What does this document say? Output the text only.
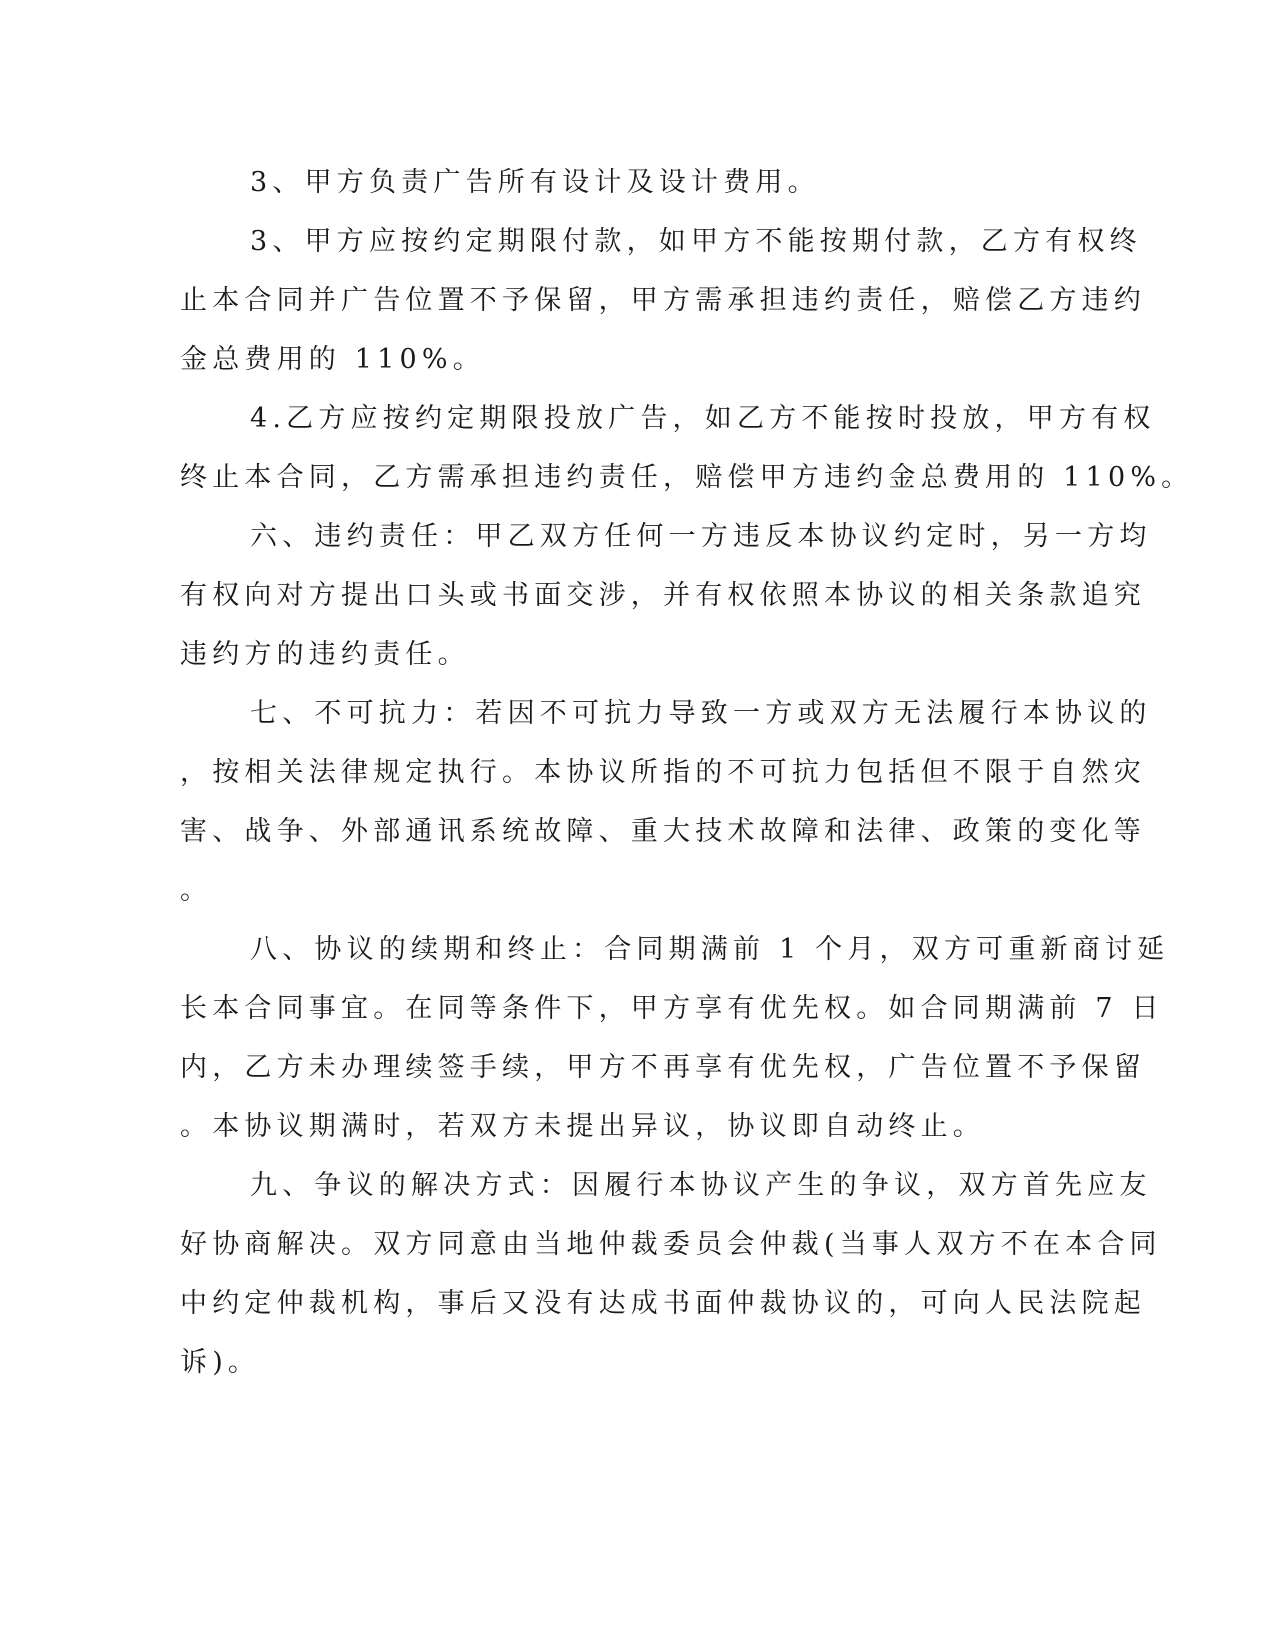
3、甲方负责广告所有设计及设计费用。
3、甲方应按约定期限付款，如甲方不能按期付款，乙方有权终
止本合同并广告位置不予保留，甲方需承担违约责任，赔偿乙方违约
金总费用的 110%。
4.乙方应按约定期限投放广告，如乙方不能按时投放，甲方有权
终止本合同，乙方需承担违约责任，赔偿甲方违约金总费用的 110%。
六、违约责任：甲乙双方任何一方违反本协议约定时，另一方均
有权向对方提出口头或书面交涉，并有权依照本协议的相关条款追究
违约方的违约责任。
七、不可抗力：若因不可抗力导致一方或双方无法履行本协议的
，按相关法律规定执行。本协议所指的不可抗力包括但不限于自然灾
害、战争、外部通讯系统故障、重大技术故障和法律、政策的变化等
。
八、协议的续期和终止：合同期满前 1 个月，双方可重新商讨延
长本合同事宜。在同等条件下，甲方享有优先权。如合同期满前 7 日
内，乙方未办理续签手续，甲方不再享有优先权，广告位置不予保留
。本协议期满时，若双方未提出异议，协议即自动终止。
九、争议的解决方式：因履行本协议产生的争议，双方首先应友
好协商解决。双方同意由当地仲裁委员会仲裁(当事人双方不在本合同
中约定仲裁机构，事后又没有达成书面仲裁协议的，可向人民法院起
诉)。
